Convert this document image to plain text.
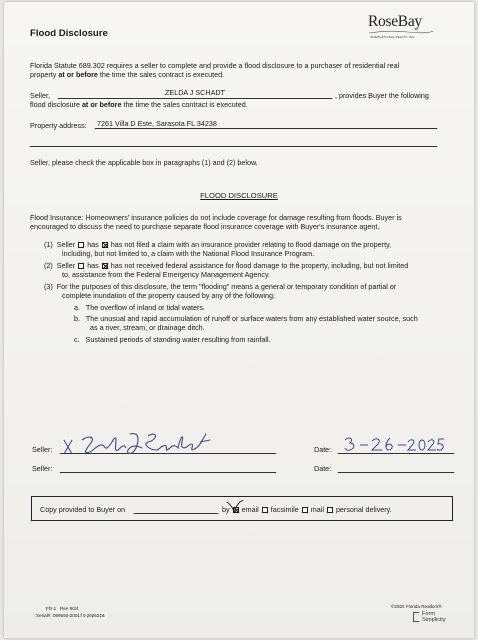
Flood Disclosure
RoseBay
INTERNATIONAL REALTY, INC
Florida Statute 689.302 requires a seller to complete and provide a flood disclosure to a purchaser of residential real
property at or before the time the sales contract is executed.
Seller,	ZELDA J SCHADT	, provides Buyer the following
flood disclosure at or before the time the sales contract is executed.
Property address: 7261 Villa D Este, Sarasota FL 34238
Seller, please check the applicable box in paragraphs (1) and (2) below.
FLOOD DISCLOSURE
Flood Insurance: Homeowners' insurance policies do not include coverage for damage resulting from floods. Buyer is
encouraged to discuss the need to purchase separate flood insurance coverage with Buyer's insurance agent.
(1) Seller has has not filed a claim with an insurance provider relating to flood damage on the property,
including, but not limited to, a claim with the National Flood Insurance Program.
(2) Seller has has not received federal assistance for flood damage to the property, including, but not limited
to, assistance from the Federal Emergency Management Agency.
(3) For the purposes of this disclosure, the term "flooding" means a general or temporary condition of partial or
complete inundation of the property caused by any of the following:
a. The overflow of inland or tidal waters.
b. The unusual and rapid accumulation of runoff or surface waters from any established water source, such
as a river, stream, or drainage ditch.
c. Sustained periods of standing water resulting from rainfall.
Seller:	Date:
Seller:	Date:
Copy provided to Buyer on	by email facsimile mail personal delivery.
FD-1 Rev 9/24
Serial#: 099593-200174-2926318
©2024 Florida Realtors®
Form
Simplicity
